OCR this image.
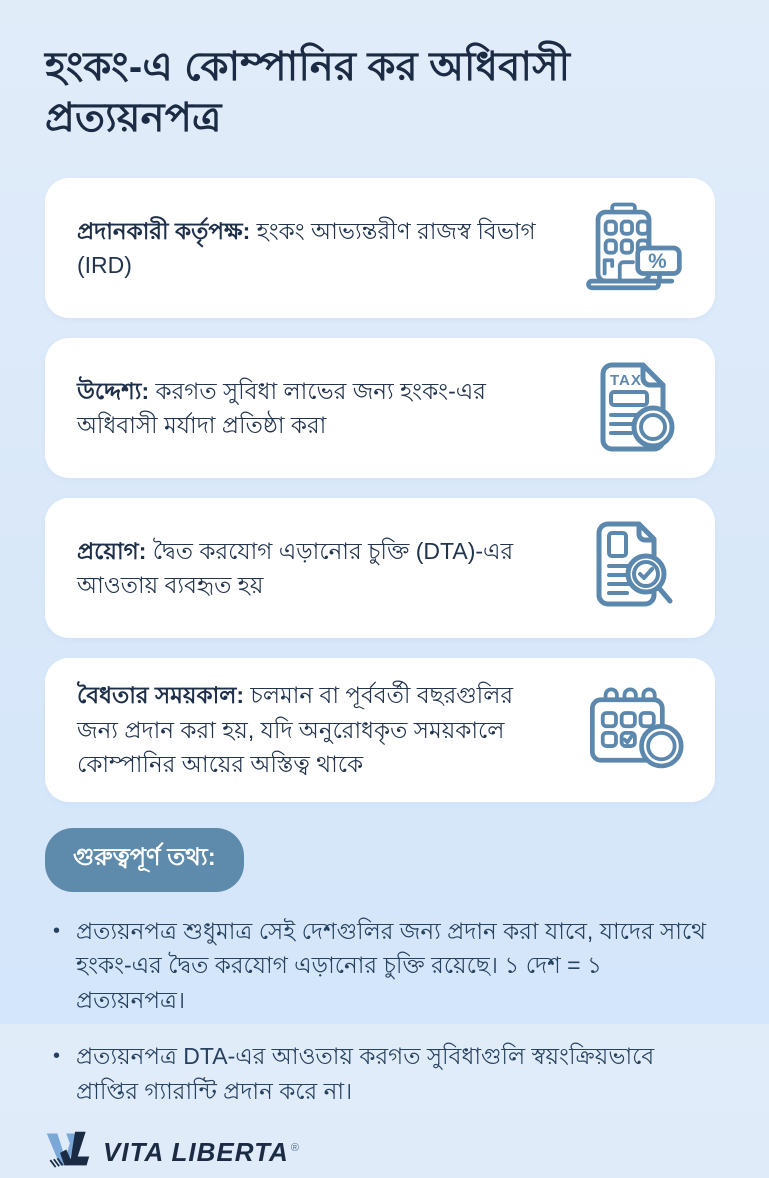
হংকং-এ কোম্পানির কর অধিবাসী প্রত্যয়নপত্র

প্রদানকারী কর্তৃপক্ষ: হংকং আভ্যন্তরীণ রাজস্ব বিভাগ (IRD)	%

উদ্দেশ্য: করগত সুবিধা লাভের জন্য হংকং-এর অধিবাসী মর্যাদা প্রতিষ্ঠা করা

TAX

প্রয়োগ: দ্বৈত করযোগ এড়ানোর চুক্তি (DTA)-এর আওতায় ব্যবহৃত হয়

বৈধতার সময়কাল: চলমান বা পূর্ববর্তী বছরগুলির জন্য প্রদান করা হয়, যদি অনুরোধকৃত সময়কালে কোম্পানির আয়ের অস্তিত্ব থাকে

গুরুত্বপূর্ণ তথ্য:
• প্রত্যয়নপত্র শুধুমাত্র সেই দেশগুলির জন্য প্রদান করা যাবে, যাদের সাথে হংকং-এর দ্বৈত করযোগ এড়ানোর চুক্তি রয়েছে। ১ দেশ = ১ প্রত্যয়নপত্র।
• প্রত্যয়নপত্র DTA-এর আওতায় করগত সুবিধাগুলি স্বয়ংক্রিয়ভাবে প্রাপ্তির গ্যারান্টি প্রদান করে না।
VITA LIBERTA ®
